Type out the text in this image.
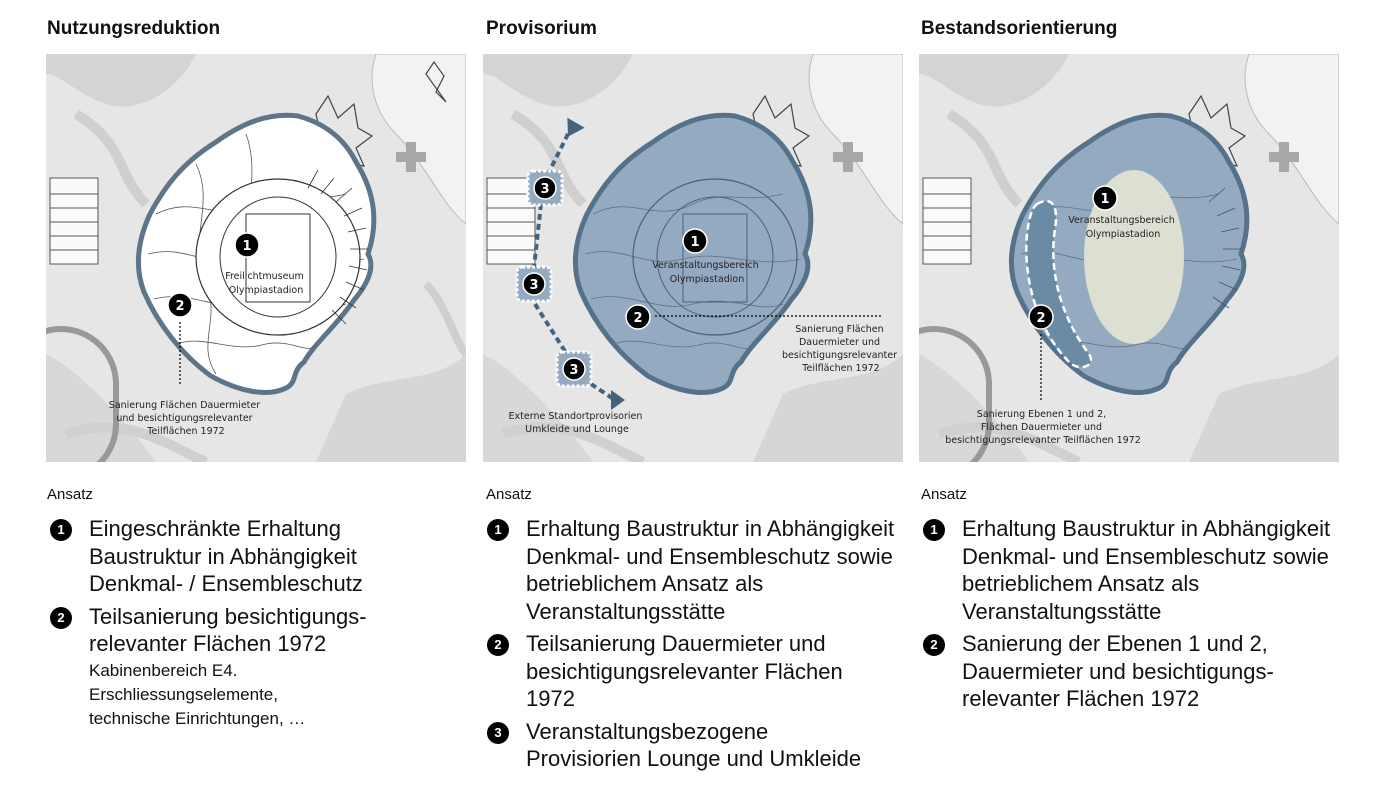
Nutzungsreduktion
1
Freilichtmuseum Olympiastadion
2
Sanierung Flächen Dauermieter und besichtigungsrelevanter Teilflächen 1972
Ansatz
1	Eingeschränkte Erhaltung Baustruktur in Abhängigkeit Denkmal- / Ensembleschutz
2	Teilsanierung besichtigungs-relevanter Flächen 1972
Kabinenbereich E4. Erschliessungselemente, technische Einrichtungen, …
Provisorium
3
3
3
1
Veranstaltungsbereich Olympiastadion
2
Sanierung Flächen Dauermieter und besichtigungsrelevanter Teilflächen 1972
Externe Standortprovisorien Umkleide und Lounge
Ansatz
1	Erhaltung Baustruktur in Abhängigkeit Denkmal- und Ensembleschutz sowie betrieblichem Ansatz als Veranstaltungsstätte
2	Teilsanierung Dauermieter und besichtigungsrelevanter Flächen 1972
3	Veranstaltungsbezogene Provisiorien Lounge und Umkleide
Bestandsorientierung
1
Veranstaltungsbereich Olympiastadion
2
Sanierung Ebenen 1 und 2, Flächen Dauermieter und besichtigungsrelevanter Teilflächen 1972
Ansatz
1	Erhaltung Baustruktur in Abhängigkeit Denkmal- und Ensembleschutz sowie betrieblichem Ansatz als Veranstaltungsstätte
2	Sanierung der Ebenen 1 und 2, Dauermieter und besichtigungs-relevanter Flächen 1972
